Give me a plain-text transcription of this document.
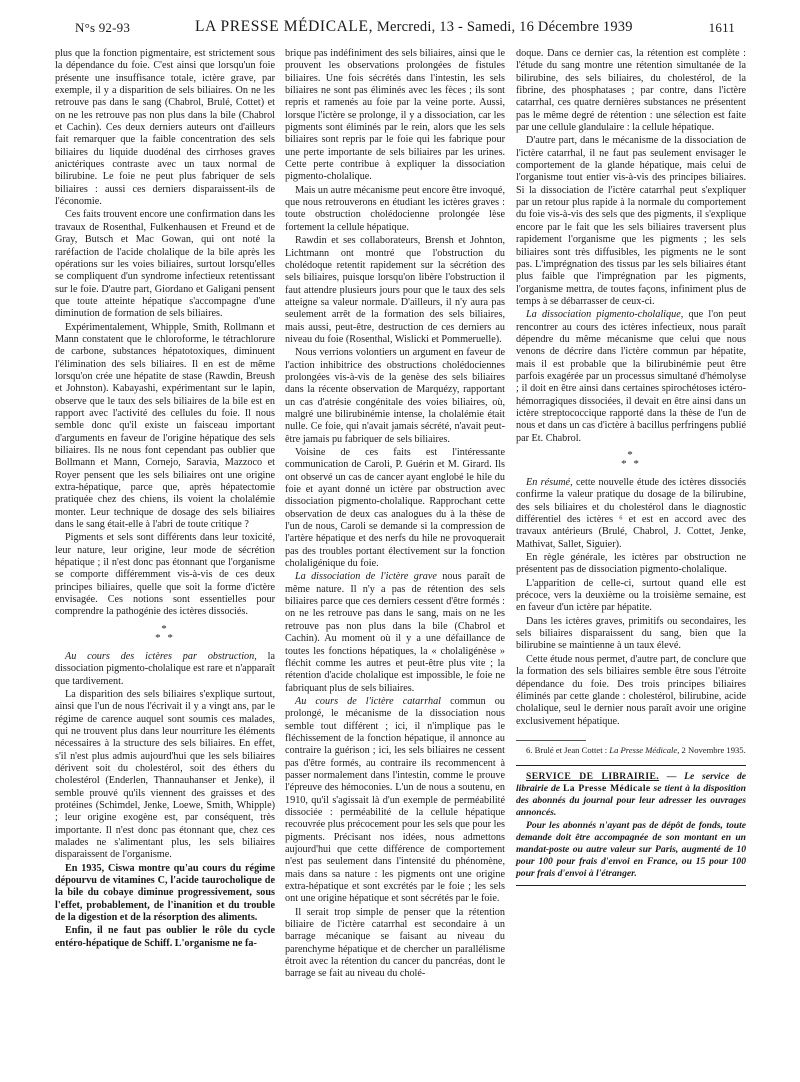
N°s 92-93	LA PRESSE MÉDICALE, Mercredi, 13 - Samedi, 16 Décembre 1939	1611

plus que la fonction pigmentaire, est strictement sous la dépendance du foie. C'est ainsi que lorsqu'un foie présente une insuffisance totale, ictère grave, par exemple, il y a disparition de sels biliaires. On ne les retrouve pas dans le sang (Chabrol, Brulé, Cottet) et on ne les retrouve pas non plus dans la bile (Chabrol et Cachin). Ces deux derniers auteurs ont d'ailleurs fait remarquer que la faible concentration des sels biliaires du liquide duodénal des cirrhoses graves anictériques contraste avec un taux normal de bilirubine. Le foie ne peut plus fabriquer de sels biliaires : aussi ces derniers disparaissent-ils de l'économie.

Ces faits trouvent encore une confirmation dans les travaux de Rosenthal, Fulkenhausen et Freund et de Gray, Butsch et Mac Gowan, qui ont noté la raréfaction de l'acide cholalique de la bile après les opérations sur les voies biliaires, surtout lorsqu'elles se compliquent d'un syndrome infectieux retentissant sur le foie. D'autre part, Giordano et Galigani pensent que toute atteinte hépatique s'accompagne d'une diminution de formation de sels biliaires.

Expérimentalement, Whipple, Smith, Rollmann et Mann constatent que le chloroforme, le tétrachlorure de carbone, substances hépatotoxiques, diminuent l'élimination des sels biliaires. Il en est de même lorsqu'on crée une hépatite de stase (Rawdin, Breush et Johnston). Kabayashi, expérimentant sur le lapin, observe que le taux des sels biliaires de la bile est en rapport avec l'activité des cellules du foie. Il nous semble donc qu'il existe un faisceau important d'arguments en faveur de l'origine hépatique des sels biliaires. Ils ne nous font cependant pas oublier que Bollmann et Mann, Cornejo, Saravia, Mazzoco et Royer pensent que les sels biliaires ont une origine extra-hépatique, parce que, après hépatectomie pratiquée chez des chiens, ils voient la cholalémie monter. Leur technique de dosage des sels biliaires dans le sang était-elle à l'abri de toute critique ?

Pigments et sels sont différents dans leur toxicité, leur nature, leur origine, leur mode de sécrétion hépatique ; il n'est donc pas étonnant que l'organisme se comporte différemment vis-à-vis de ces deux principes biliaires, quelle que soit la forme d'ictère envisagée. Ces notions sont essentielles pour comprendre la pathogénie des ictères dissociés.

*
* *

Au cours des ictères par obstruction, la dissociation pigmento-cholalique est rare et n'apparaît que tardivement.

La disparition des sels biliaires s'explique surtout, ainsi que l'un de nous l'écrivait il y a vingt ans, par le régime de carence auquel sont soumis ces malades, qui ne trouvent plus dans leur nourriture les éléments nécessaires à la structure des sels biliaires. En effet, s'il n'est plus admis aujourd'hui que les sels biliaires dérivent soit du cholestérol, soit des éthers du cholestérol (Enderlen, Thannauhanser et Jenke), il semble prouvé qu'ils viennent des graisses et des protéines (Schimdel, Jenke, Loewe, Smith, Whipple) ; leur origine exogène est, par conséquent, très importante. Il n'est donc pas étonnant que, chez ces malades ne s'alimentant plus, les sels biliaires disparaissent de l'organisme.

En 1935, Ciswa montre qu'au cours du régime dépourvu de vitamines C, l'acide taurocholique de la bile du cobaye diminue progressivement, sous l'effet, probablement, de l'inanition et du trouble de la digestion et de la résorption des aliments.

Enfin, il ne faut pas oublier le rôle du cycle entéro-hépatique de Schiff. L'organisme ne fa-

brique pas indéfiniment des sels biliaires, ainsi que le prouvent les observations prolongées de fistules biliaires. Une fois sécrétés dans l'intestin, les sels biliaires ne sont pas éliminés avec les fèces ; ils sont repris et ramenés au foie par la veine porte. Aussi, lorsque l'ictère se prolonge, il y a dissociation, car les pigments sont éliminés par le rein, alors que les sels biliaires sont repris par le foie qui les fabrique pour une perte importante de sels biliaires par les urines. Cette perte contribue à expliquer la dissociation pigmento-cholalique.

Mais un autre mécanisme peut encore être invoqué, que nous retrouverons en étudiant les ictères graves : toute obstruction cholédocienne prolongée lèse fortement la cellule hépatique.

Rawdin et ses collaborateurs, Brensh et Johnton, Lichtmann ont montré que l'obstruction du cholédoque retentit rapidement sur la sécrétion des sels biliaires, puisque lorsqu'on libère l'obstruction il faut attendre plusieurs jours pour que le taux des sels atteigne sa valeur normale. D'ailleurs, il n'y aura pas seulement arrêt de la formation des sels biliaires, mais aussi, peut-être, destruction de ces derniers au niveau du foie (Rosenthal, Wislicki et Pommeruelle).

Nous verrions volontiers un argument en faveur de l'action inhibitrice des obstructions cholédociennes prolongées vis-à-vis de la genèse des sels biliaires dans la récente observation de Marquézy, rapportant un cas d'atrésie congénitale des voies biliaires, où, malgré une bilirubinémie intense, la cholalémie était nulle. Ce foie, qui n'avait jamais sécrété, n'avait peut-être jamais pu fabriquer de sels biliaires.

Voisine de ces faits est l'intéressante communication de Caroli, P. Guérin et M. Girard. Ils ont observé un cas de cancer ayant englobé le hile du foie et ayant donné un ictère par obstruction avec dissociation pigmento-cholalique. Rapprochant cette observation de deux cas analogues du à la thèse de l'un de nous, Caroli se demande si la compression de l'artère hépatique et des nerfs du hile ne provoquerait pas des troubles portant électivement sur la fonction cholaligénique du foie.

La dissociation de l'ictère grave nous paraît de même nature. Il n'y a pas de rétention des sels biliaires parce que ces derniers cessent d'être formés : on ne les retrouve pas dans le sang, mais on ne les retrouve pas non plus dans la bile (Chabrol et Cachin). Au moment où il y a une défaillance de toutes les fonctions hépatiques, la « cholaligénèse » fléchit comme les autres et peut-être plus vite ; la rétention d'acide cholalique est impossible, le foie ne fabriquant plus de sels biliaires.

Au cours de l'ictère catarrhal commun ou prolongé, le mécanisme de la dissociation nous semble tout différent ; ici, il n'implique pas le fléchissement de la fonction hépatique, il annonce au contraire la guérison ; ici, les sels biliaires ne cessent pas d'être formés, au contraire ils recommencent à passer normalement dans l'intestin, comme le prouve l'épreuve des hémoconies. L'un de nous a soutenu, en 1910, qu'il s'agissait là d'un exemple de perméabilité dissociée : perméabilité de la cellule hépatique recouvrée plus précocement pour les sels que pour les pigments. Précisant nos idées, nous admettons aujourd'hui que cette différence de comportement n'est pas seulement dans l'intensité du phénomène, mais dans sa nature : les pigments ont une origine extra-hépatique et sont excrétés par le foie ; les sels ont une origine hépatique et sont sécrétés par le foie.

Il serait trop simple de penser que la rétention biliaire de l'ictère catarrhal est secondaire à un barrage mécanique se faisant au niveau du parenchyme hépatique et de chercher un parallélisme étroit avec la rétention du cancer du pancréas, dont le barrage se fait au niveau du cholé-

doque. Dans ce dernier cas, la rétention est complète : l'étude du sang montre une rétention simultanée de la bilirubine, des sels biliaires, du cholestérol, de la fibrine, des phosphatases ; par contre, dans l'ictère catarrhal, ces quatre dernières substances ne présentent pas le même degré de rétention : une sélection est faite par une cellule glandulaire : la cellule hépatique.

D'autre part, dans le mécanisme de la dissociation de l'ictère catarrhal, il ne faut pas seulement envisager le comportement de la glande hépatique, mais celui de l'organisme tout entier vis-à-vis des principes biliaires. Si la dissociation de l'ictère catarrhal peut s'expliquer par un retour plus rapide à la normale du comportement du foie vis-à-vis des sels que des pigments, il s'explique encore par le fait que les sels biliaires traversent plus rapidement l'organisme que les pigments ; les sels biliaires sont très diffusibles, les pigments ne le sont pas. L'imprégnation des tissus par les sels biliaires étant plus faible que l'imprégnation par les pigments, l'organisme mettra, de toutes façons, infiniment plus de temps à se débarrasser de ceux-ci.

La dissociation pigmento-cholalique, que l'on peut rencontrer au cours des ictères infectieux, nous paraît dépendre du même mécanisme que celui que nous venons de décrire dans l'ictère commun par hépatite, mais il est probable que la bilirubinémie peut être parfois exagérée par un processus simultané d'hémolyse ; il doit en être ainsi dans certaines spirochétoses ictéro-hémorragiques dissociées, il devait en être ainsi dans un ictère streptococcique rapporté dans la thèse de l'un de nous et dans un cas d'ictère à bacillus perfringens publié par Et. Chabrol.

*
* *

En résumé, cette nouvelle étude des ictères dissociés confirme la valeur pratique du dosage de la bilirubine, des sels biliaires et du cholestérol dans le diagnostic différentiel des ictères ⁶ et est en accord avec des travaux antérieurs (Brulé, Chabrol, J. Cottet, Jenke, Mathivat, Sallet, Siguier).

En règle générale, les ictères par obstruction ne présentent pas de dissociation pigmento-cholalique.

L'apparition de celle-ci, surtout quand elle est précoce, vers la deuxième ou la troisième semaine, est en faveur d'un ictère par hépatite.

Dans les ictères graves, primitifs ou secondaires, les sels biliaires disparaissent du sang, bien que la bilirubine se maintienne à un taux élevé.

Cette étude nous permet, d'autre part, de conclure que la formation des sels biliaires semble être sous l'étroite dépendance du foie. Des trois principes biliaires éliminés par cette glande : cholestérol, bilirubine, acide cholalique, seul le dernier nous paraît avoir une origine exclusivement hépatique.

6. Brulé et Jean Cottet : La Presse Médicale, 2 Novembre 1935.

SERVICE DE LIBRAIRIE. — Le service de librairie de La Presse Médicale se tient à la disposition des abonnés du journal pour leur adresser les ouvrages annoncés.

Pour les abonnés n'ayant pas de dépôt de fonds, toute demande doit être accompagnée de son montant en un mandat-poste ou autre valeur sur Paris, augmenté de 10 pour 100 pour frais d'envoi en France, ou 15 pour 100 pour frais d'envoi à l'étranger.
